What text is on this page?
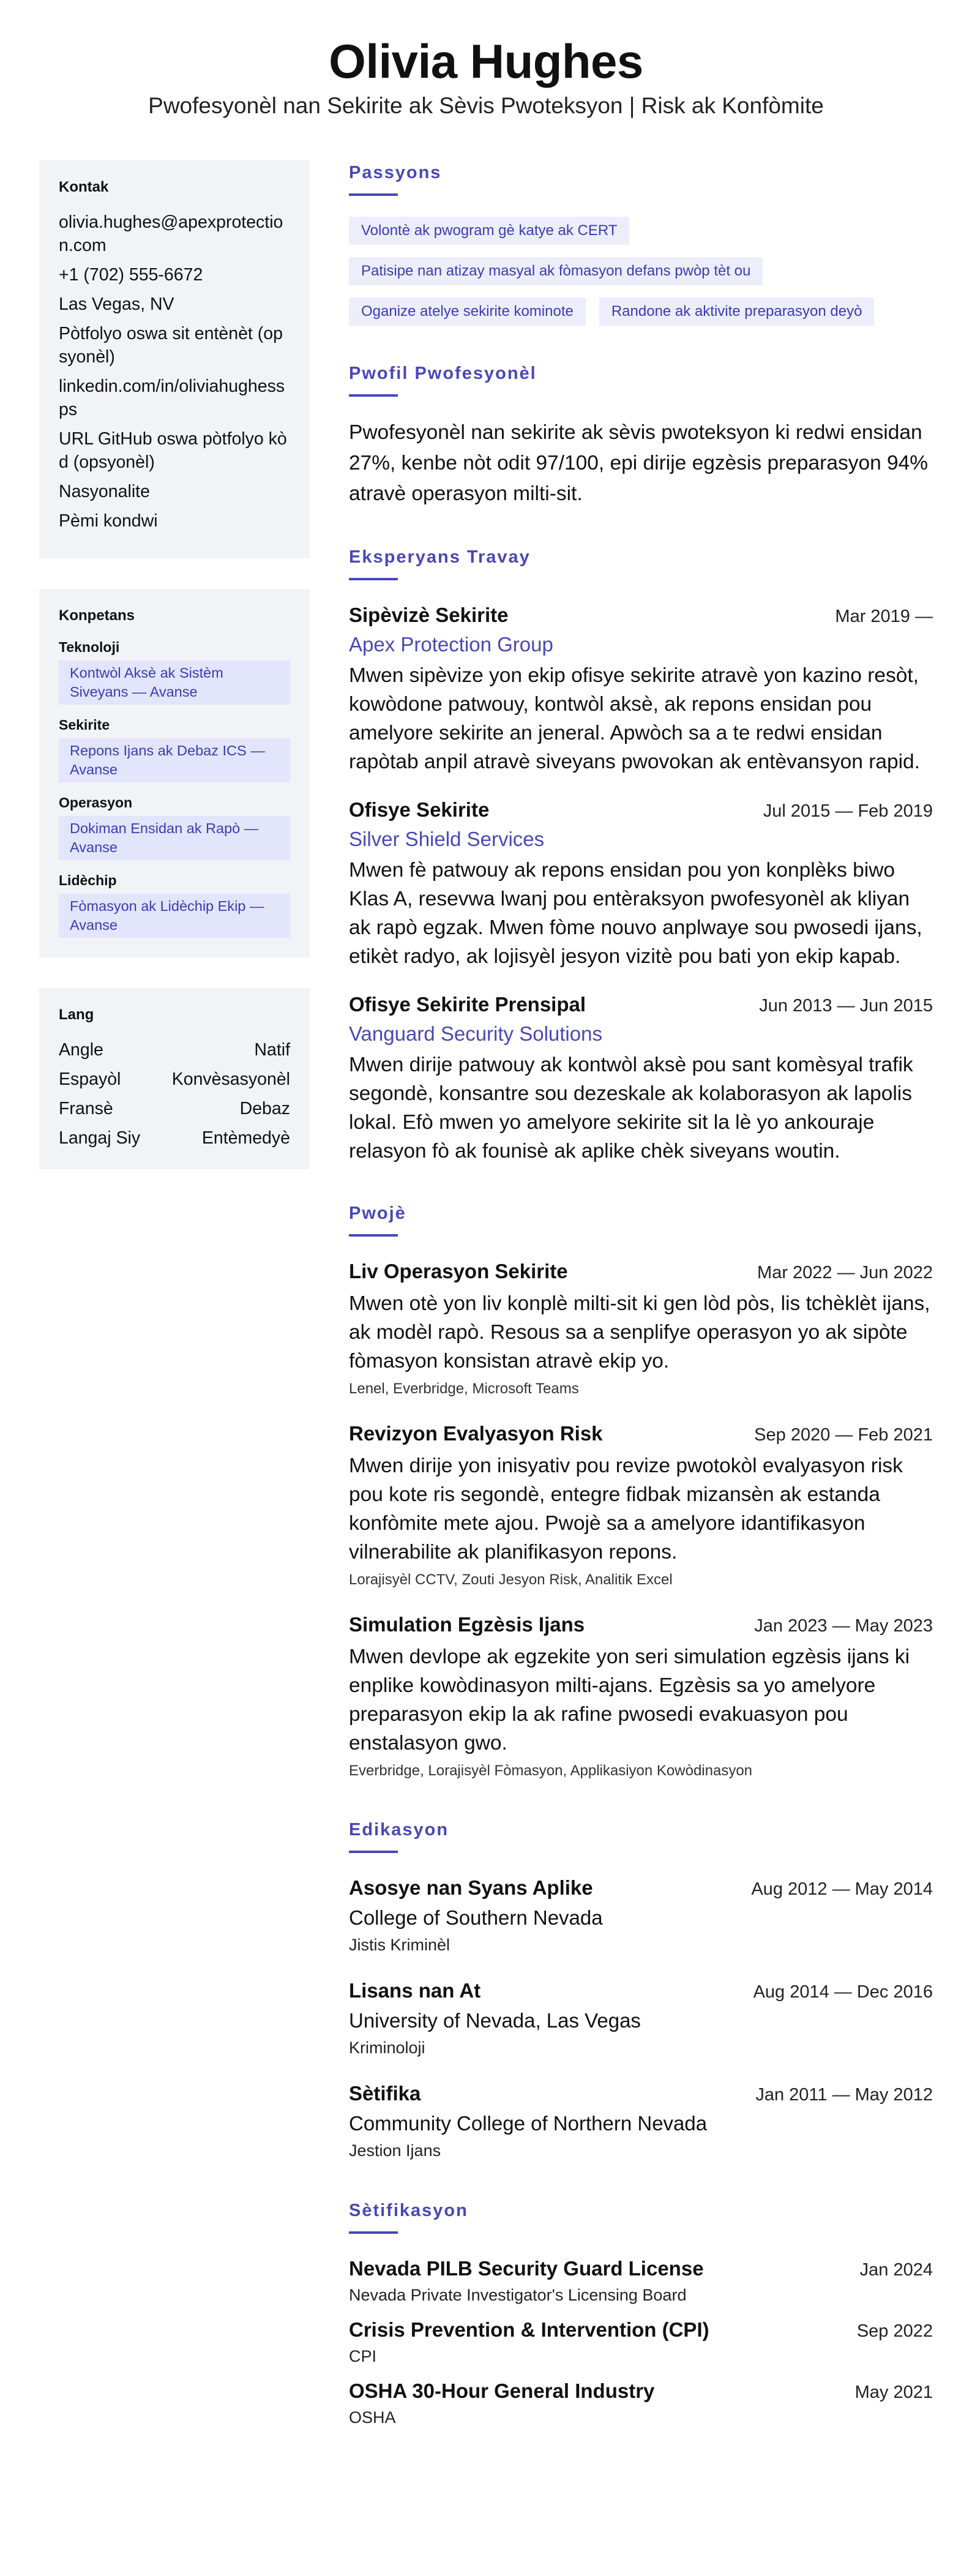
Olivia Hughes
Pwofesyonèl nan Sekirite ak Sèvis Pwoteksyon | Risk ak Konfòmite
Kontak
olivia.hughes@apexprotection.com
+1 (702) 555-6672
Las Vegas, NV
Pòtfolyo oswa sit entènèt (opsyonèl)
linkedin.com/in/oliviahughessps
URL GitHub oswa pòtfolyo kòd (opsyonèl)
Nasyonalite
Pèmi kondwi
Konpetans
Teknoloji
Kontwòl Aksè ak Sistèm Siveyans — Avanse
Sekirite
Repons Ijans ak Debaz ICS — Avanse
Operasyon
Dokiman Ensidan ak Rapò — Avanse
Lidèchip
Fòmasyon ak Lidèchip Ekip — Avanse
Lang
Angle	Natif
Espayòl	Konvèsasyonèl
Fransè	Debaz
Langaj Siy	Entèmedyè
Passyons
Volontè ak pwogram gè katye ak CERT
Patisipe nan atizay masyal ak fòmasyon defans pwòp tèt ou
Oganize atelye sekirite kominote	Randone ak aktivite preparasyon deyò
Pwofil Pwofesyonèl
Pwofesyonèl nan sekirite ak sèvis pwoteksyon ki redwi ensidan 27%, kenbe nòt odit 97/100, epi dirije egzèsis preparasyon 94% atravè operasyon milti-sit.
Eksperyans Travay
Sipèvizè Sekirite	Mar 2019 —
Apex Protection Group
Mwen sipèvize yon ekip ofisye sekirite atravè yon kazino resòt, kowòdone patwouy, kontwòl aksè, ak repons ensidan pou amelyore sekirite an jeneral. Apwòch sa a te redwi ensidan rapòtab anpil atravè siveyans pwovokan ak entèvansyon rapid.
Ofisye Sekirite	Jul 2015 — Feb 2019
Silver Shield Services
Mwen fè patwouy ak repons ensidan pou yon konplèks biwo Klas A, resevwa lwanj pou entèraksyon pwofesyonèl ak kliyan ak rapò egzak. Mwen fòme nouvo anplwaye sou pwosedi ijans, etikèt radyo, ak lojisyèl jesyon vizitè pou bati yon ekip kapab.
Ofisye Sekirite Prensipal	Jun 2013 — Jun 2015
Vanguard Security Solutions
Mwen dirije patwouy ak kontwòl aksè pou sant komèsyal trafik segondè, konsantre sou dezeskale ak kolaborasyon ak lapolis lokal. Efò mwen yo amelyore sekirite sit la lè yo ankouraje relasyon fò ak founisè ak aplike chèk siveyans woutin.
Pwojè
Liv Operasyon Sekirite	Mar 2022 — Jun 2022
Mwen otè yon liv konplè milti-sit ki gen lòd pòs, lis tchèklèt ijans, ak modèl rapò. Resous sa a senplifye operasyon yo ak sipòte fòmasyon konsistan atravè ekip yo.
Lenel, Everbridge, Microsoft Teams
Revizyon Evalyasyon Risk	Sep 2020 — Feb 2021
Mwen dirije yon inisyativ pou revize pwotokòl evalyasyon risk pou kote ris segondè, entegre fidbak mizansèn ak estanda konfòmite mete ajou. Pwojè sa a amelyore idantifikasyon vilnerabilite ak planifikasyon repons.
Lorajisyèl CCTV, Zouti Jesyon Risk, Analitik Excel
Simulation Egzèsis Ijans	Jan 2023 — May 2023
Mwen devlope ak egzekite yon seri simulation egzèsis ijans ki enplike kowòdinasyon milti-ajans. Egzèsis sa yo amelyore preparasyon ekip la ak rafine pwosedi evakuasyon pou enstalasyon gwo.
Everbridge, Lorajisyèl Fòmasyon, Applikasiyon Kowòdinasyon
Edikasyon
Asosye nan Syans Aplike	Aug 2012 — May 2014
College of Southern Nevada
Jistis Kriminèl
Lisans nan At	Aug 2014 — Dec 2016
University of Nevada, Las Vegas
Kriminoloji
Sètifika	Jan 2011 — May 2012
Community College of Northern Nevada
Jestion Ijans
Sètifikasyon
Nevada PILB Security Guard License	Jan 2024
Nevada Private Investigator's Licensing Board
Crisis Prevention & Intervention (CPI)	Sep 2022
CPI
OSHA 30-Hour General Industry	May 2021
OSHA
